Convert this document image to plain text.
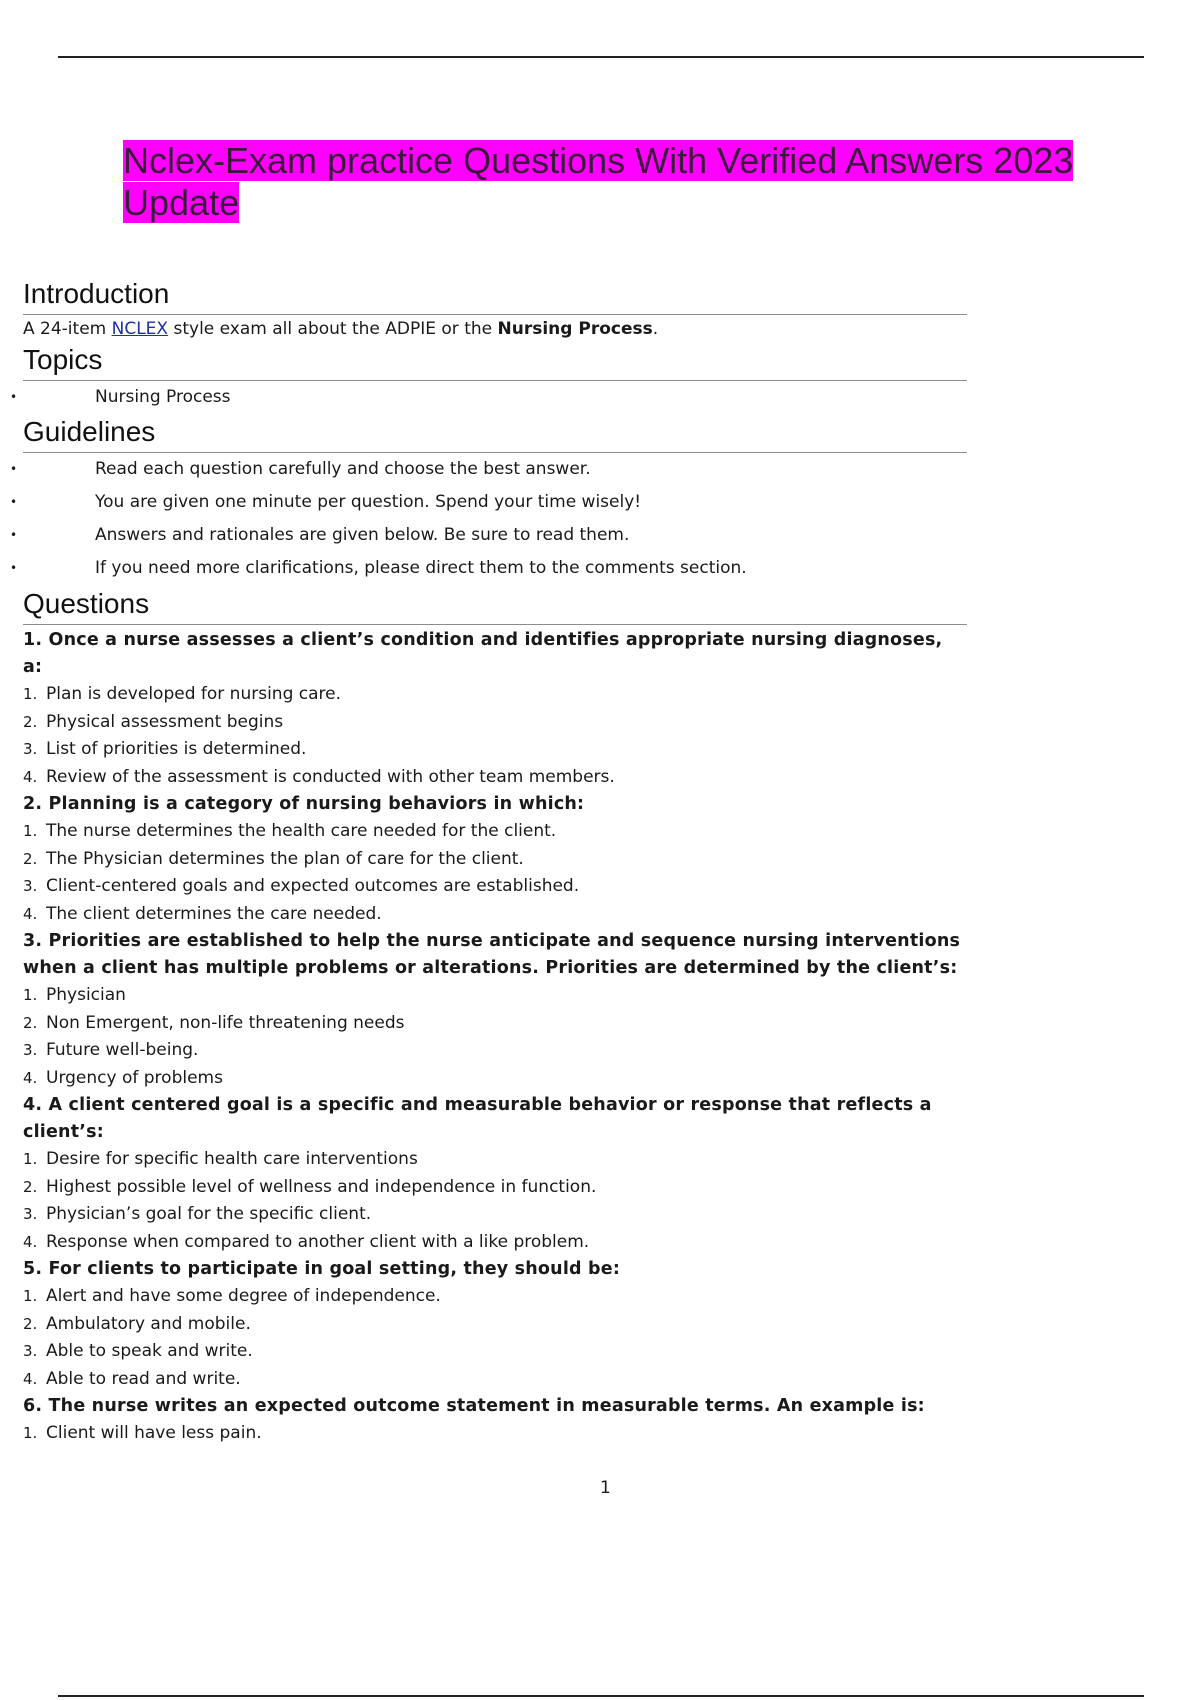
Nclex-Exam practice Questions With Verified Answers 2023 Update
Introduction

A 24-item NCLEX style exam all about the ADPIE or the Nursing Process.

Topics

• Nursing Process

Guidelines

• Read each question carefully and choose the best answer.

• You are given one minute per question. Spend your time wisely!

• Answers and rationales are given below. Be sure to read them.

• If you need more clarifications, please direct them to the comments section.

Questions

1. Once a nurse assesses a client’s condition and identifies appropriate nursing diagnoses, a:

1. Plan is developed for nursing care.

2. Physical assessment begins

3. List of priorities is determined.

4. Review of the assessment is conducted with other team members.

2. Planning is a category of nursing behaviors in which:

1. The nurse determines the health care needed for the client.

2. The Physician determines the plan of care for the client.

3. Client-centered goals and expected outcomes are established.

4. The client determines the care needed.

3. Priorities are established to help the nurse anticipate and sequence nursing interventions when a client has multiple problems or alterations. Priorities are determined by the client’s:

1. Physician

2. Non Emergent, non-life threatening needs

3. Future well-being.

4. Urgency of problems

4. A client centered goal is a specific and measurable behavior or response that reflects a client’s:

1. Desire for specific health care interventions

2. Highest possible level of wellness and independence in function.

3. Physician’s goal for the specific client.

4. Response when compared to another client with a like problem.

5. For clients to participate in goal setting, they should be:

1. Alert and have some degree of independence.

2. Ambulatory and mobile.

3. Able to speak and write.

4. Able to read and write.

6. The nurse writes an expected outcome statement in measurable terms. An example is:

1. Client will have less pain.

1
